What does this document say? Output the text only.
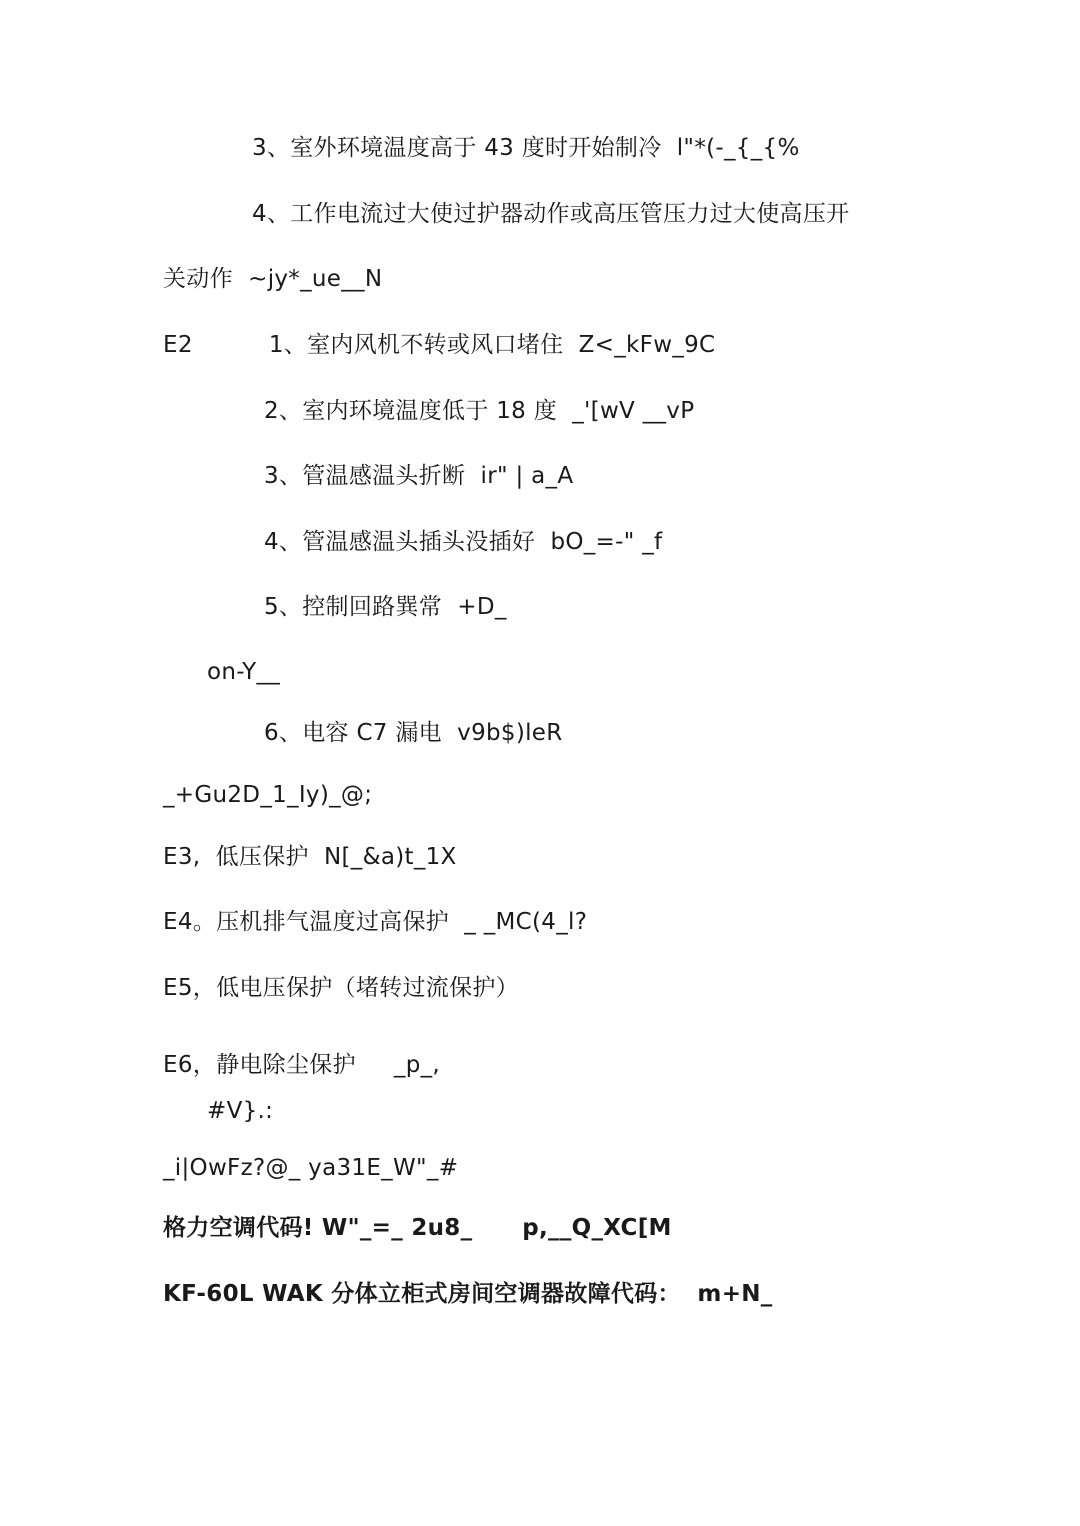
3、室外环境温度高于 43 度时开始制冷  l"*(-_{_{%
4、工作电流过大使过护器动作或高压管压力过大使高压开
关动作  ~jy*_ue__N
E2          1、室内风机不转或风口堵住  Z<_kFw_9C
2、室内环境温度低于 18 度  _'[wV __vP
3、管温感温头折断  ir" | a_A
4、管温感温头插头没插好  bO_=-" _f
5、控制回路巽常  +D_
on-Y__
6、电容 C7 漏电  v9b$)leR
_+Gu2D_1_Iy)_@;
E3,  低压保护  N[_&a)t_1X
E4。压机排气温度过高保护  _ _MC(4_l?
E5，低电压保护（堵转过流保护）
E6，静电除尘保护     _p_,
#V}.:
_i|OwFz?@_ ya31E_W"_#
格力空调代码! W"_=_ 2u8_      p,__Q_XC[M
KF-60L WAK 分体立柜式房间空调器故障代码：  m+N_
